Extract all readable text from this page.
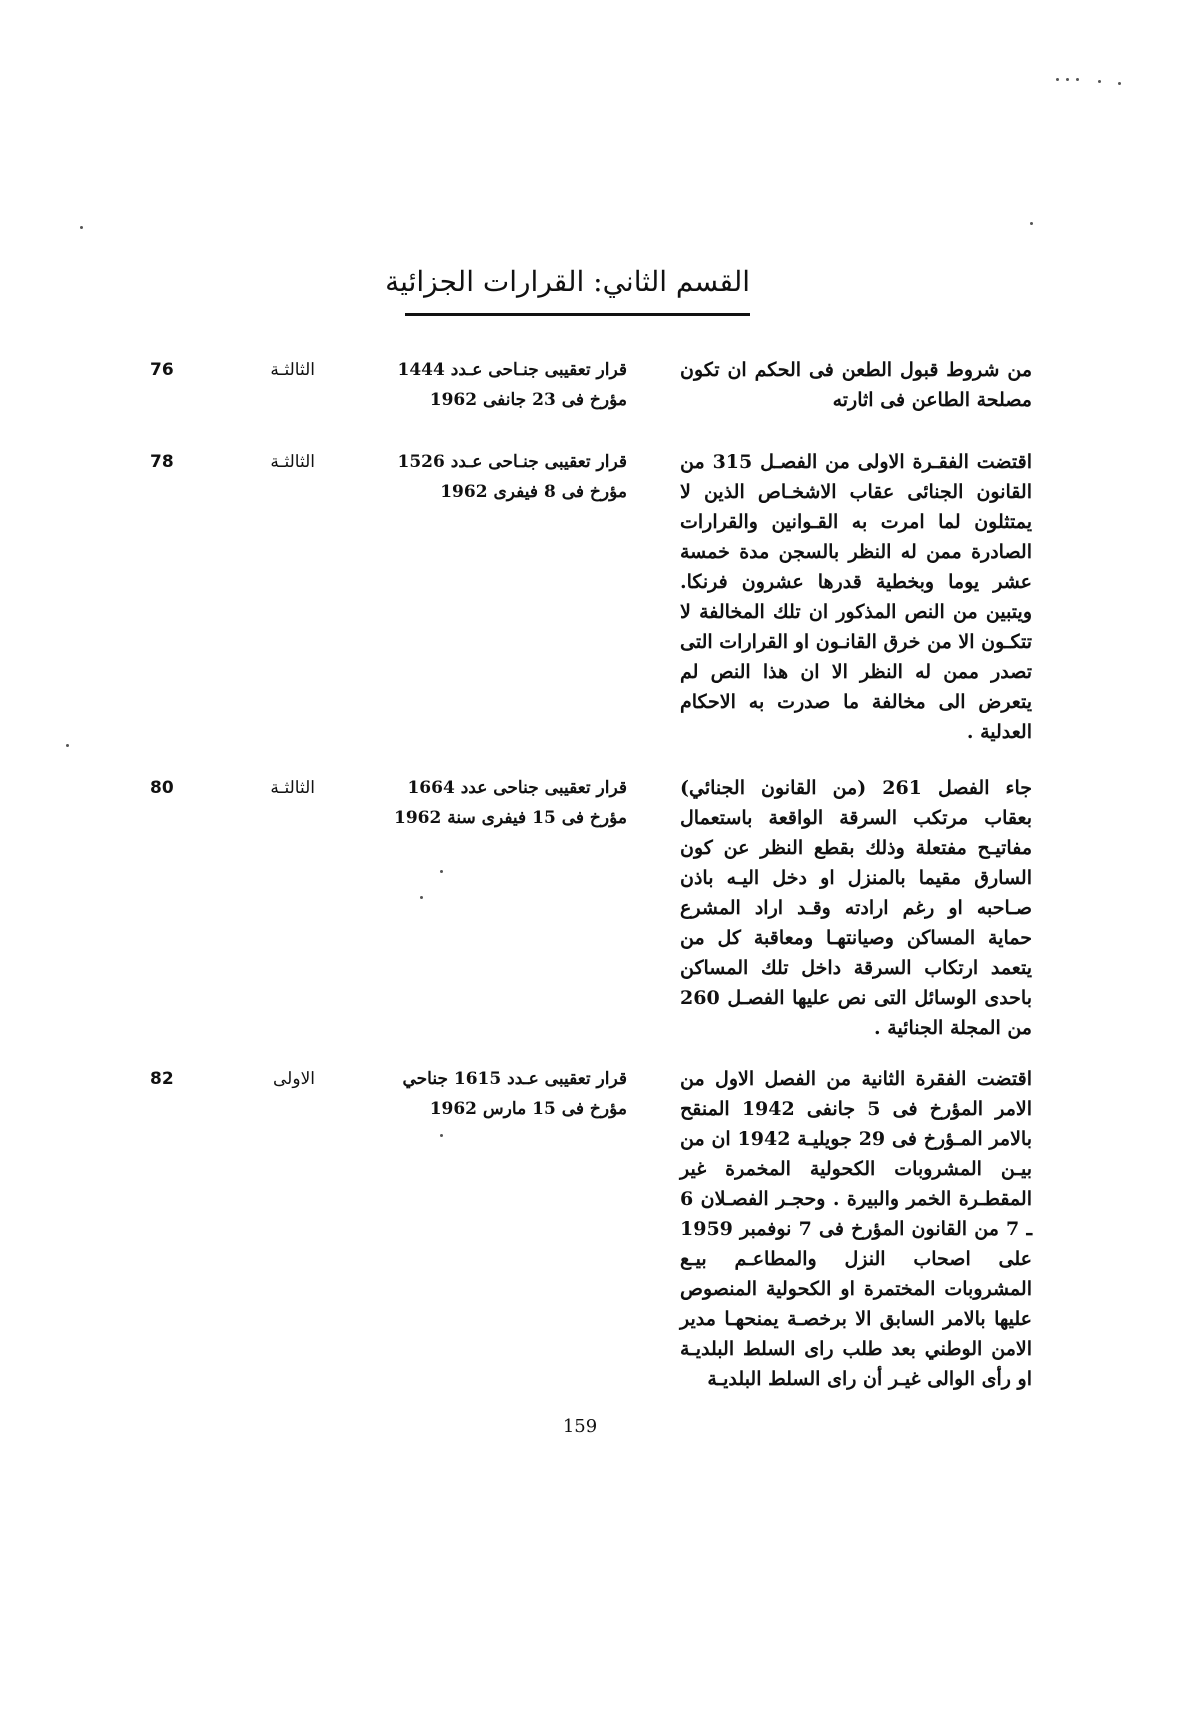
القسم الثاني: القرارات الجزائية
من شروط قبول الطعن فى الحكم ان تكون مصلحة الطاعن فى اثارته
قرار تعقيبى جنـاحى عـدد 1444
مؤرخ فى 23 جانفى 1962
الثالثـة
76
اقتضت الفقـرة الاولى من الفصـل 315 من القانون الجنائى عقاب الاشخـاص الذين لا يمتثلون لما امرت به القـوانين والقرارات الصادرة ممن له النظر بالسجن مدة خمسة عشر يوما وبخطية قدرها عشرون فرنكا. ويتبين من النص المذكور ان تلك المخالفة لا تتكـون الا من خرق القانـون او القرارات التى تصدر ممن له النظر الا ان هذا النص لم يتعرض الى مخالفة ما صدرت به الاحكام العدلية .
قرار تعقيبى جنـاحى عـدد 1526
مؤرخ فى 8 فيفرى 1962
الثالثـة
78
جاء الفصل 261 (من القانون الجنائي) بعقاب مرتكب السرقة الواقعة باستعمال مفاتيـح مفتعلة وذلك بقطع النظر عن كون السارق مقيما بالمنزل او دخل اليـه باذن صـاحبه او رغم ارادته وقـد اراد المشرع حماية المساكن وصيانتهـا ومعاقبة كل من يتعمد ارتكاب السرقة داخل تلك المساكن باحدى الوسائل التى نص عليها الفصـل 260 من المجلة الجنائية .
قرار تعقيبى جناحى عدد 1664
مؤرخ فى 15 فيفرى سنة 1962
الثالثـة
80
اقتضت الفقرة الثانية من الفصل الاول من الامر المؤرخ فى 5 جانفى 1942 المنقح بالامر المـؤرخ فى 29 جويليـة 1942 ان من بيـن المشروبات الكحولية المخمرة غير المقطـرة الخمر والبيرة . وحجـر الفصـلان 6 ـ 7 من القانون المؤرخ فى 7 نوفمبر 1959 على اصحاب النزل والمطاعـم بيـع المشروبات المختمرة او الكحولية المنصوص عليها بالامر السابق الا برخصـة يمنحهـا مدير الامن الوطني بعد طلب راى السلط البلديـة او رأى الوالى غيـر أن راى السلط البلديـة
قرار تعقيبى عـدد 1615 جناحي
مؤرخ فى 15 مارس 1962
الاولى
82
159
